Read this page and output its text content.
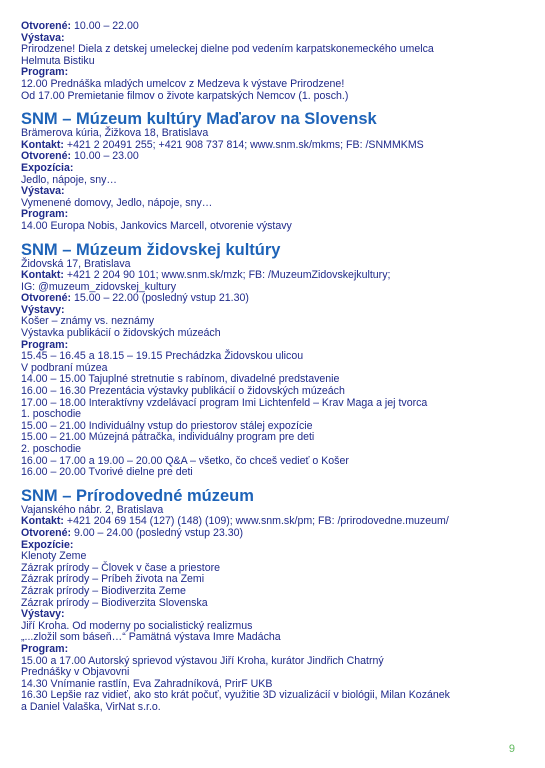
Otvorené: 10.00 – 22.00
Výstava:
Prirodzene! Diela z detskej umeleckej dielne pod vedením karpatskonemeckého umelca
Helmuta Bistiku
Program:
12.00 Prednáška mladých umelcov z Medzeva k výstave Prirodzene!
Od 17.00 Premietanie filmov o živote karpatských Nemcov (1. posch.)
SNM – Múzeum kultúry Maďarov na Slovensk
Brämerova kúria, Žižkova 18, Bratislava
Kontakt: +421 2 20491 255; +421 908 737 814; www.snm.sk/mkms; FB: /SNMMKMS
Otvorené: 10.00 – 23.00
Expozícia:
Jedlo, nápoje, sny…
Výstava:
Vymenené domovy, Jedlo, nápoje, sny…
Program:
14.00 Europa Nobis, Jankovics Marcell, otvorenie výstavy
SNM – Múzeum židovskej kultúry
Židovská 17, Bratislava
Kontakt: +421 2 204 90 101; www.snm.sk/mzk; FB: /MuzeumZidovskejkultury;
IG: @muzeum_zidovskej_kultury
Otvorené: 15.00 – 22.00 (posledný vstup 21.30)
Výstavy:
Košer – známy vs. neznámy
Výstavka publikácií o židovských múzeách
Program:
15.45 – 16.45 a 18.15 – 19.15 Prechádzka Židovskou ulicou
V podbraní múzea
14.00 – 15.00 Tajuplné stretnutie s rabínom, divadelné predstavenie
16.00 – 16.30 Prezentácia výstavky publikácií o židovských múzeách
17.00 – 18.00 Interaktívny vzdelávací program Imi Lichtenfeld – Krav Maga a jej tvorca
1. poschodie
15.00 – 21.00 Individuálny vstup do priestorov stálej expozície
15.00 – 21.00 Múzejná pátračka, individuálny program pre deti
2. poschodie
16.00 – 17.00 a 19.00 – 20.00 Q&A – všetko, čo chceš vedieť o Košer
16.00 – 20.00 Tvorivé dielne pre deti
SNM – Prírodovedné múzeum
Vajanského nábr. 2, Bratislava
Kontakt: +421 204 69 154 (127) (148) (109); www.snm.sk/pm; FB: /prirodovedne.muzeum/
Otvorené: 9.00 – 24.00 (posledný vstup 23.30)
Expozície:
Klenoty Zeme
Zázrak prírody – Človek v čase a priestore
Zázrak prírody – Príbeh života na Zemi
Zázrak prírody – Biodiverzita Zeme
Zázrak prírody – Biodiverzita Slovenska
Výstavy:
Jiří Kroha. Od moderny po socialistický realizmus
„...zložil som báseň…“ Pamätná výstava Imre Madácha
Program:
15.00 a 17.00 Autorský sprievod výstavou Jiří Kroha, kurátor Jindřich Chatrný
Prednášky v Objavovni
14.30 Vnímanie rastlín, Eva Zahradníková, PrirF UKB
16.30 Lepšie raz vidieť, ako sto krát počuť, využitie 3D vizualizácií v biológii, Milan Kozánek
a Daniel Valaška, VirNat s.r.o.
9
